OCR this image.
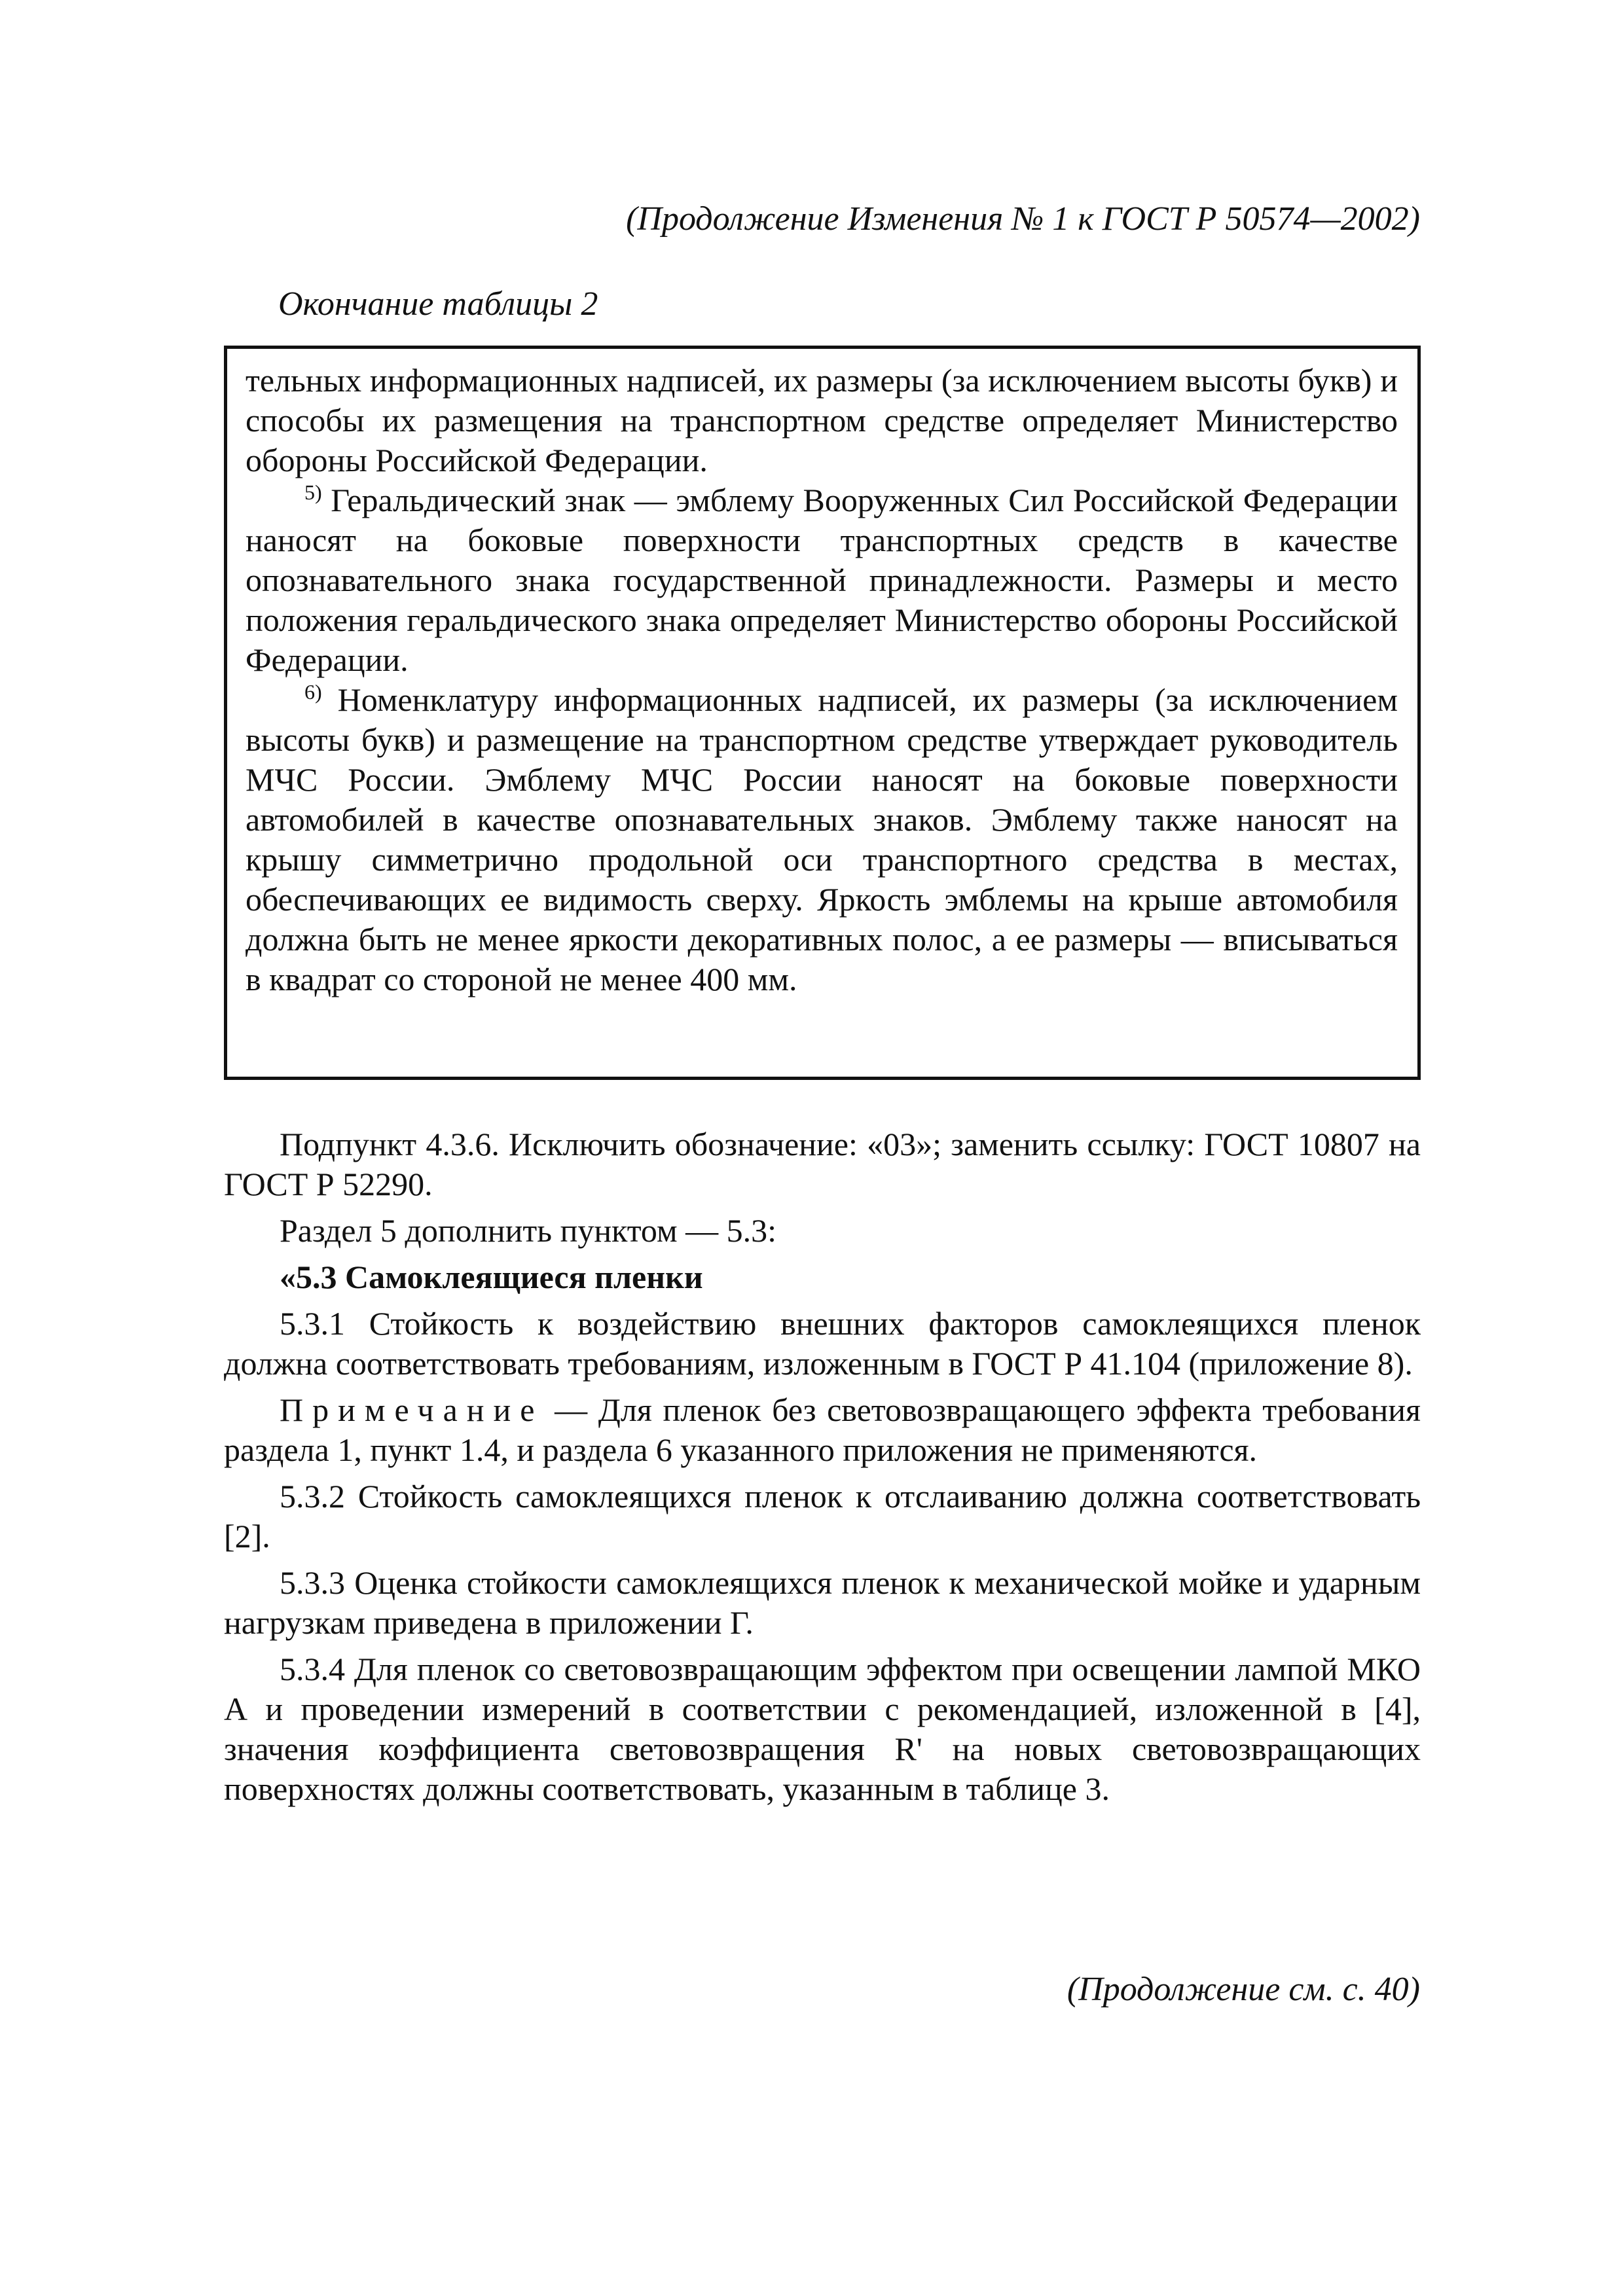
(Продолжение Изменения № 1 к ГОСТ Р 50574—2002)
Окончание таблицы 2

тельных информационных надписей, их размеры (за исключением высоты букв) и способы их размещения на транспортном средстве определяет Министерство обороны Российской Федерации.

$^{5)}$ Геральдический знак — эмблему Вооруженных Сил Российской Федерации наносят на боковые поверхности транспортных средств в качестве опознавательного знака государственной принадлежности. Размеры и место положения геральдического знака определяет Министерство обороны Российской Федерации.

$^{6)}$ Номенклатуру информационных надписей, их размеры (за исключением высоты букв) и размещение на транспортном средстве утверждает руководитель МЧС России. Эмблему МЧС России наносят на боковые поверхности автомобилей в качестве опознавательных знаков. Эмблему также наносят на крышу симметрично продольной оси транспортного средства в местах, обеспечивающих ее видимость сверху. Яркость эмблемы на крыше автомобиля должна быть не менее яркости декоративных полос, а ее размеры — вписываться в квадрат со стороной не менее 400 мм.

Подпункт 4.3.6. Исключить обозначение: «03»; заменить ссылку: ГОСТ 10807 на ГОСТ Р 52290.

Раздел 5 дополнить пунктом — 5.3:

«5.3 Самоклеящиеся пленки

5.3.1 Стойкость к воздействию внешних факторов самоклеящихся пленок должна соответствовать требованиям, изложенным в ГОСТ Р 41.104 (приложение 8).

Примечание — Для пленок без световозвращающего эффекта требования раздела 1, пункт 1.4, и раздела 6 указанного приложения не применяются.

5.3.2 Стойкость самоклеящихся пленок к отслаиванию должна соответствовать [2].

5.3.3 Оценка стойкости самоклеящихся пленок к механической мойке и ударным нагрузкам приведена в приложении Г.

5.3.4 Для пленок со световозвращающим эффектом при освещении лампой МКО А и проведении измерений в соответствии с рекомендацией, изложенной в [4], значения коэффициента световозвращения R' на новых световозвращающих поверхностях должны соответствовать, указанным в таблице 3.

(Продолжение см. с. 40)
